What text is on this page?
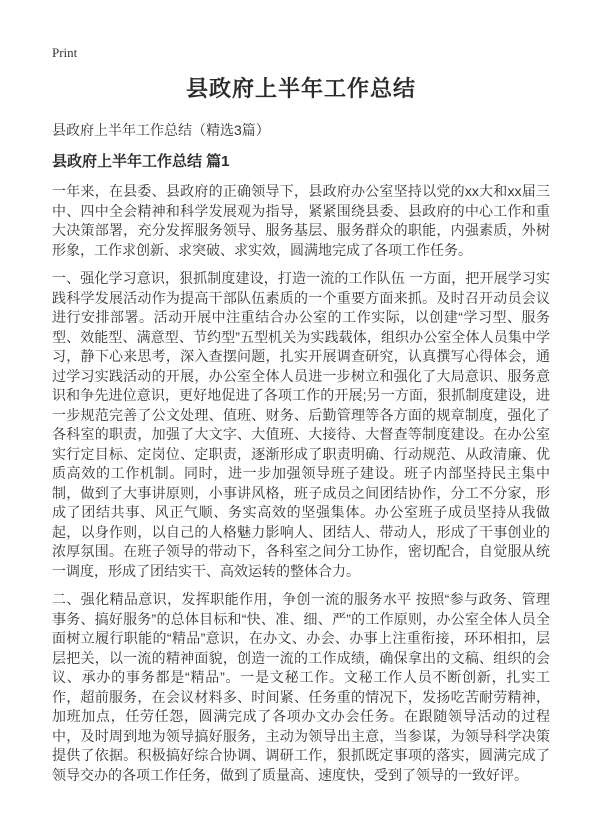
Print
县政府上半年工作总结
县政府上半年工作总结（精选3篇）
县政府上半年工作总结 篇1

一年来，在县委、县政府的正确领导下，县政府办公室坚持以党的xx大和xx届三中、四中全会精神和科学发展观为指导，紧紧围绕县委、县政府的中心工作和重大决策部署，充分发挥服务领导、服务基层、服务群众的职能，内强素质，外树形象，工作求创新、求突破、求实效，圆满地完成了各项工作任务。

一、强化学习意识，狠抓制度建设，打造一流的工作队伍 一方面，把开展学习实践科学发展活动作为提高干部队伍素质的一个重要方面来抓。及时召开动员会议进行安排部署。活动开展中注重结合办公室的工作实际，以创建“学习型、服务型、效能型、满意型、节约型”五型机关为实践载体，组织办公室全体人员集中学习，静下心来思考，深入查摆问题，扎实开展调查研究，认真撰写心得体会，通过学习实践活动的开展，办公室全体人员进一步树立和强化了大局意识、服务意识和争先进位意识，更好地促进了各项工作的开展;另一方面，狠抓制度建设，进一步规范完善了公文处理、值班、财务、后勤管理等各方面的规章制度，强化了各科室的职责，加强了大文字、大值班、大接待、大督查等制度建设。在办公室实行定目标、定岗位、定职责，逐渐形成了职责明确、行动规范、从政清廉、优质高效的工作机制。同时，进一步加强领导班子建设。班子内部坚持民主集中制，做到了大事讲原则，小事讲风格，班子成员之间团结协作，分工不分家，形成了团结共事、风正气顺、务实高效的坚强集体。办公室班子成员坚持从我做起，以身作则，以自己的人格魅力影响人、团结人、带动人，形成了干事创业的浓厚氛围。在班子领导的带动下，各科室之间分工协作，密切配合，自觉服从统一调度，形成了团结实干、高效运转的整体合力。

二、强化精品意识，发挥职能作用，争创一流的服务水平 按照“参与政务、管理事务、搞好服务”的总体目标和“快、准、细、严”的工作原则，办公室全体人员全面树立履行职能的“精品”意识，在办文、办会、办事上注重衔接，环环相扣，层层把关，以一流的精神面貌，创造一流的工作成绩，确保拿出的文稿、组织的会议、承办的事务都是“精品”。一是文秘工作。文秘工作人员不断创新，扎实工作，超前服务，在会议材料多、时间紧、任务重的情况下，发扬吃苦耐劳精神，加班加点，任劳任怨，圆满完成了各项办文办会任务。在跟随领导活动的过程中，及时周到地为领导搞好服务，主动为领导出主意，当参谋，为领导科学决策提供了依据。积极搞好综合协调、调研工作，狠抓既定事项的落实，圆满完成了领导交办的各项工作任务，做到了质量高、速度快，受到了领导的一致好评。
